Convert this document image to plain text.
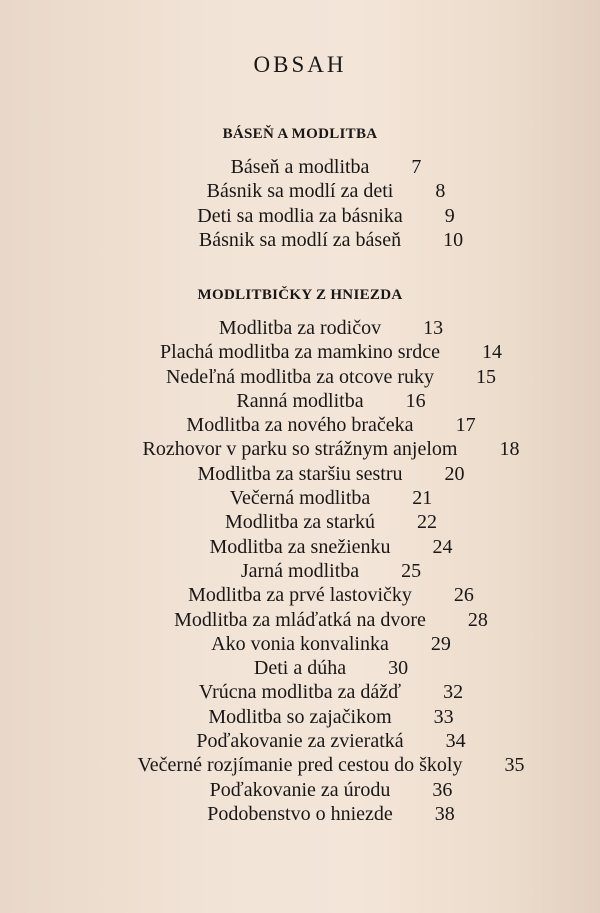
OBSAH
BÁSEŇ A MODLITBA
Báseň a modlitba 7
Básnik sa modlí za deti 8
Deti sa modlia za básnika 9
Básnik sa modlí za báseň 10
MODLITBIČKY Z HNIEZDA
Modlitba za rodičov 13
Plachá modlitba za mamkino srdce 14
Nedeľná modlitba za otcove ruky 15
Ranná modlitba 16
Modlitba za nového bračeka 17
Rozhovor v parku so strážnym anjelom 18
Modlitba za staršiu sestru 20
Večerná modlitba 21
Modlitba za starkú 22
Modlitba za snežienku 24
Jarná modlitba 25
Modlitba za prvé lastovičky 26
Modlitba za mláďatká na dvore 28
Ako vonia konvalinka 29
Deti a dúha 30
Vrúcna modlitba za dážď 32
Modlitba so zajačikom 33
Poďakovanie za zvieratká 34
Večerné rozjímanie pred cestou do školy 35
Poďakovanie za úrodu 36
Podobenstvo o hniezde 38
